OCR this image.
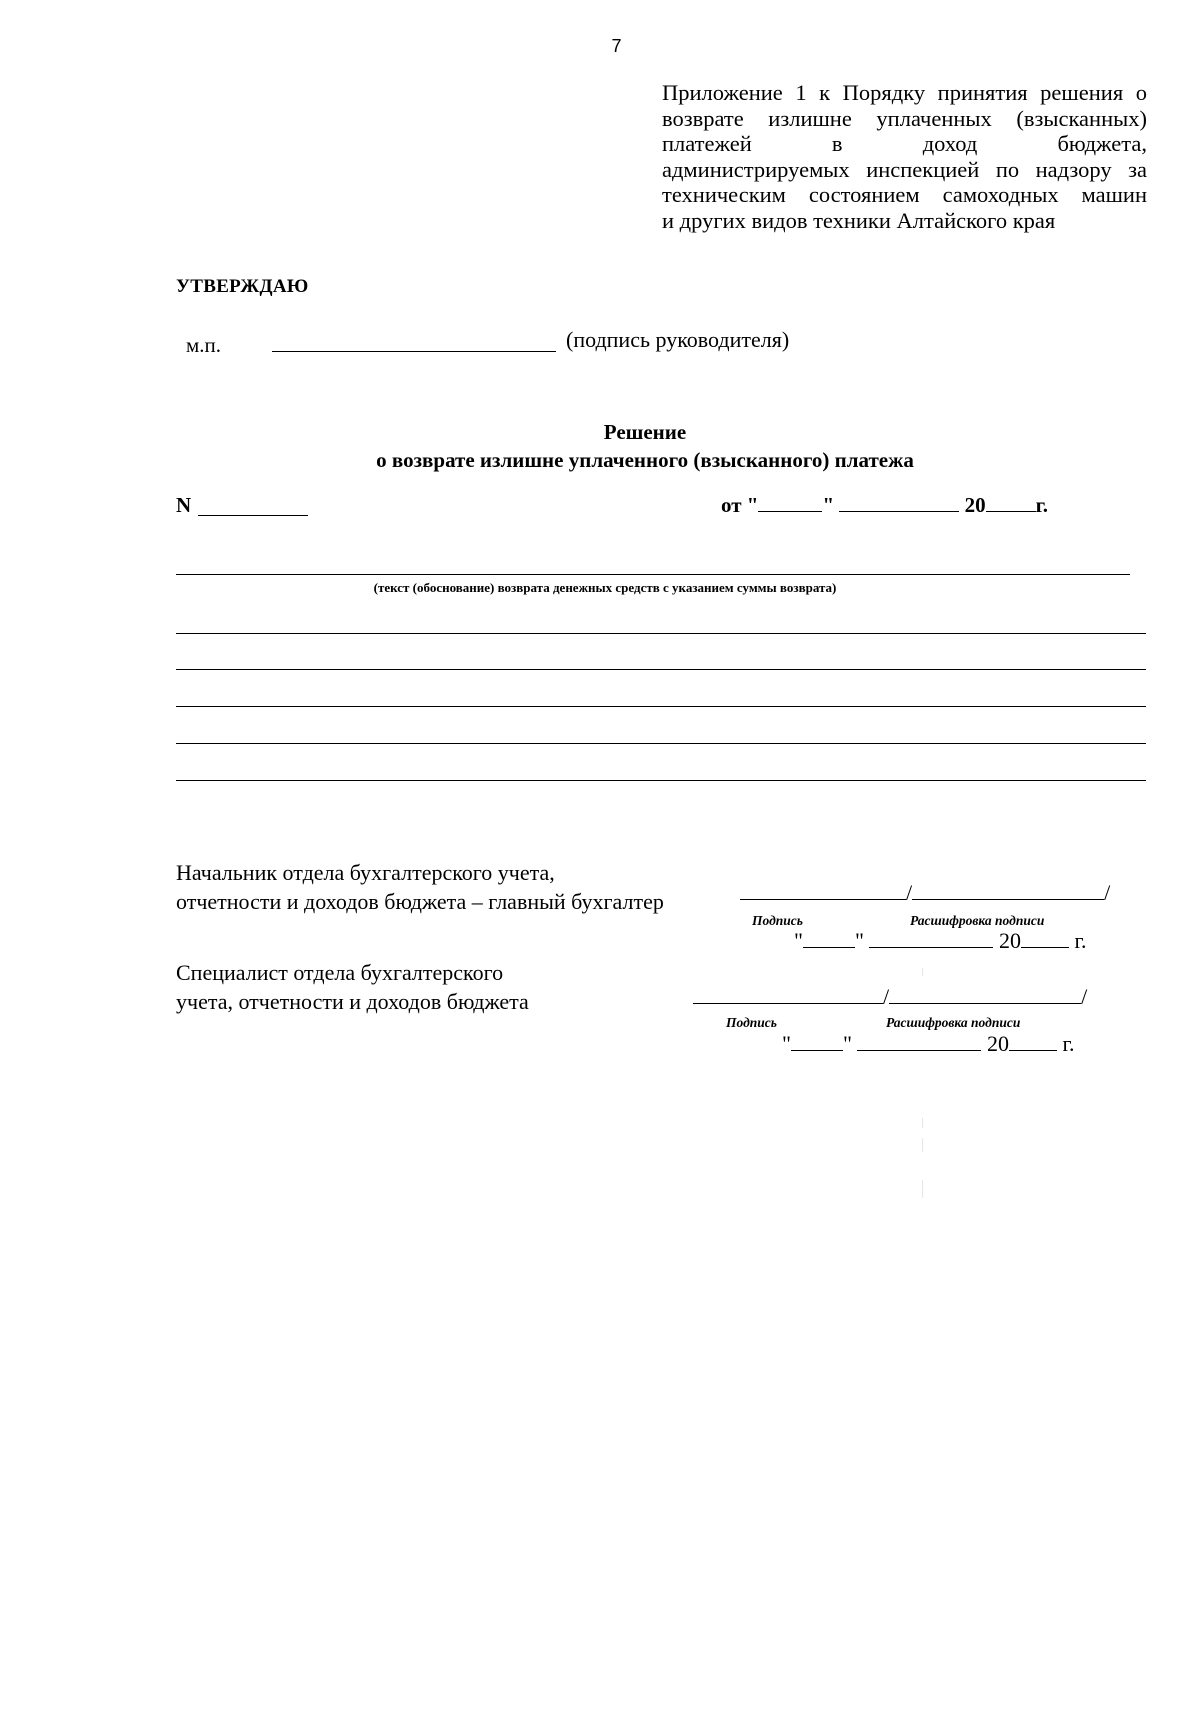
7
Приложение 1 к Порядку принятия решения о
возврате излишне уплаченных (взысканных)
платежей в доход бюджета,
администрируемых инспекцией по надзору за
техническим состоянием самоходных машин
и других видов техники Алтайского края
УТВЕРЖДАЮ
м.п.	(подпись руководителя)
Решение
о возврате излишне уплаченного (взысканного) платежа
N	от "	"	20 г.
(текст (обоснование) возврата денежных средств с указанием суммы возврата)
Начальник отдела бухгалтерского учета,
отчетности и доходов бюджета – главный бухгалтер	/	/
Подпись	Расшифровка подписи
" "	20 г.
Специалист отдела бухгалтерского
учета, отчетности и доходов бюджета	/	/
Подпись	Расшифровка подписи
" "	20 г.
